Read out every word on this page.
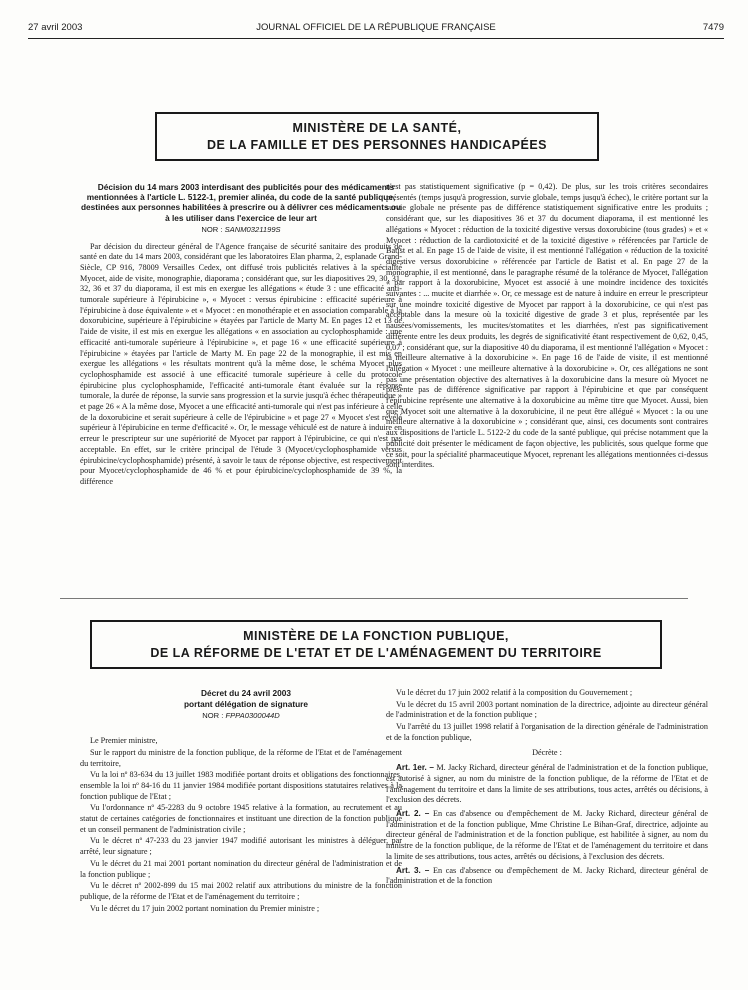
27 avril 2003	JOURNAL OFFICIEL DE LA RÉPUBLIQUE FRANÇAISE	7479
MINISTÈRE DE LA SANTÉ,
DE LA FAMILLE ET DES PERSONNES HANDICAPÉES

Décision du 14 mars 2003 interdisant des publicités pour des médicaments mentionnées à l'article L. 5122-1, premier alinéa, du code de la santé publique, destinées aux personnes habilitées à prescrire ou à délivrer ces médicaments ou à les utiliser dans l'exercice de leur art

NOR : SANM0321199S

Par décision du directeur général de l'Agence française de sécurité sanitaire des produits de santé en date du 14 mars 2003, considérant que les laboratoires Elan pharma, 2, esplanade Grand-Siècle, CP 916, 78009 Versailles Cedex, ont diffusé trois publicités relatives à la spécialité Myocet, aide de visite, monographie, diaporama ; considérant que, sur les diapositives 29, 30, 31, 32, 36 et 37 du diaporama, il est mis en exergue les allégations « étude 3 : une efficacité anti-tumorale supérieure à l'épirubicine », « Myocet : versus épirubicine : efficacité supérieure à l'épirubicine à dose équivalente » et « Myocet : en monothérapie et en association comparable à la doxorubicine, supérieure à l'épirubicine » étayées par l'article de Marty M. En pages 12 et 13 de l'aide de visite, il est mis en exergue les allégations « en association au cyclophosphamide : une efficacité anti-tumorale supérieure à l'épirubicine », et page 16 « une efficacité supérieure à l'épirubicine » étayées par l'article de Marty M. En page 22 de la monographie, il est mis en exergue les allégations « les résultats montrent qu'à la même dose, le schéma Myocet plus cyclophosphamide est associé à une efficacité tumorale supérieure à celle du protocole épirubicine plus cyclophosphamide, l'efficacité anti-tumorale étant évaluée sur la réponse tumorale, la durée de réponse, la survie sans progression et la survie jusqu'à échec thérapeutique » et page 26 « A la même dose, Myocet a une efficacité anti-tumorale qui n'est pas inférieure à celle de la doxorubicine et serait supérieure à celle de l'épirubicine » et page 27 « Myocet s'est révélé supérieur à l'épirubicine en terme d'efficacité ». Or, le message véhiculé est de nature à induire en erreur le prescripteur sur une supériorité de Myocet par rapport à l'épirubicine, ce qui n'est pas acceptable. En effet, sur le critère principal de l'étude 3 (Myocet/cyclophosphamide versus épirubicine/cyclophosphamide) présenté, à savoir le taux de réponse objective, est respectivement pour Myocet/cyclophosphamide de 46 % et pour épirubicine/cyclophosphamide de 39 %, la différence

n'est pas statistiquement significative (p = 0,42). De plus, sur les trois critères secondaires présentés (temps jusqu'à progression, survie globale, temps jusqu'à échec), le critère portant sur la survie globale ne présente pas de différence statistiquement significative entre les produits ; considérant que, sur les diapositives 36 et 37 du document diaporama, il est mentionné les allégations « Myocet : réduction de la toxicité digestive versus doxorubicine (tous grades) » et « Myocet : réduction de la cardiotoxicité et de la toxicité digestive » référencées par l'article de Batist et al. En page 15 de l'aide de visite, il est mentionné l'allégation « réduction de la toxicité digestive versus doxorubicine » référencée par l'article de Batist et al. En page 27 de la monographie, il est mentionné, dans le paragraphe résumé de la tolérance de Myocet, l'allégation « par rapport à la doxorubicine, Myocet est associé à une moindre incidence des toxicités suivantes : ... mucite et diarrhée ». Or, ce message est de nature à induire en erreur le prescripteur sur une moindre toxicité digestive de Myocet par rapport à la doxorubicine, ce qui n'est pas acceptable dans la mesure où la toxicité digestive de grade 3 et plus, représentée par les nausées/vomissements, les mucites/stomatites et les diarrhées, n'est pas significativement différente entre les deux produits, les degrés de significativité étant respectivement de 0,62, 0,45, 0,07 ; considérant que, sur la diapositive 40 du diaporama, il est mentionné l'allégation « Myocet : la meilleure alternative à la doxorubicine ». En page 16 de l'aide de visite, il est mentionné l'allégation « Myocet : une meilleure alternative à la doxorubicine ». Or, ces allégations ne sont pas une présentation objective des alternatives à la doxorubicine dans la mesure où Myocet ne présente pas de différence significative par rapport à l'épirubicine et que par conséquent l'épirubicine représente une alternative à la doxorubicine au même titre que Myocet. Aussi, bien que Myocet soit une alternative à la doxorubicine, il ne peut être allégué « Myocet : la ou une meilleure alternative à la doxorubicine » ; considérant que, ainsi, ces documents sont contraires aux dispositions de l'article L. 5122-2 du code de la santé publique, qui précise notamment que la publicité doit présenter le médicament de façon objective, les publicités, sous quelque forme que ce soit, pour la spécialité pharmaceutique Myocet, reprenant les allégations mentionnées ci-dessus sont interdites.

MINISTÈRE DE LA FONCTION PUBLIQUE,
DE LA RÉFORME DE L'ETAT ET DE L'AMÉNAGEMENT DU TERRITOIRE

Décret du 24 avril 2003

portant délégation de signature

NOR : FPPA0300044D

Le Premier ministre,

Sur le rapport du ministre de la fonction publique, de la réforme de l'Etat et de l'aménagement du territoire,

Vu la loi nº 83-634 du 13 juillet 1983 modifiée portant droits et obligations des fonctionnaires, ensemble la loi nº 84-16 du 11 janvier 1984 modifiée portant dispositions statutaires relatives à la fonction publique de l'Etat ;

Vu l'ordonnance nº 45-2283 du 9 octobre 1945 relative à la formation, au recrutement et au statut de certaines catégories de fonctionnaires et instituant une direction de la fonction publique et un conseil permanent de l'administration civile ;

Vu le décret nº 47-233 du 23 janvier 1947 modifié autorisant les ministres à déléguer, par arrêté, leur signature ;

Vu le décret du 21 mai 2001 portant nomination du directeur général de l'administration et de la fonction publique ;

Vu le décret nº 2002-899 du 15 mai 2002 relatif aux attributions du ministre de la fonction publique, de la réforme de l'Etat et de l'aménagement du territoire ;

Vu le décret du 17 juin 2002 portant nomination du Premier ministre ;

Vu le décret du 17 juin 2002 relatif à la composition du Gouvernement ;

Vu le décret du 15 avril 2003 portant nomination de la directrice, adjointe au directeur général de l'administration et de la fonction publique ;

Vu l'arrêté du 13 juillet 1998 relatif à l'organisation de la direction générale de l'administration et de la fonction publique,

Décrète :

Art. 1er. – M. Jacky Richard, directeur général de l'administration et de la fonction publique, est autorisé à signer, au nom du ministre de la fonction publique, de la réforme de l'Etat et de l'aménagement du territoire et dans la limite de ses attributions, tous actes, arrêtés ou décisions, à l'exclusion des décrets.

Art. 2. – En cas d'absence ou d'empêchement de M. Jacky Richard, directeur général de l'administration et de la fonction publique, Mme Christine Le Bihan-Graf, directrice, adjointe au directeur général de l'administration et de la fonction publique, est habilitée à signer, au nom du ministre de la fonction publique, de la réforme de l'Etat et de l'aménagement du territoire et dans la limite de ses attributions, tous actes, arrêtés ou décisions, à l'exclusion des décrets.

Art. 3. – En cas d'absence ou d'empêchement de M. Jacky Richard, directeur général de l'administration et de la fonction
